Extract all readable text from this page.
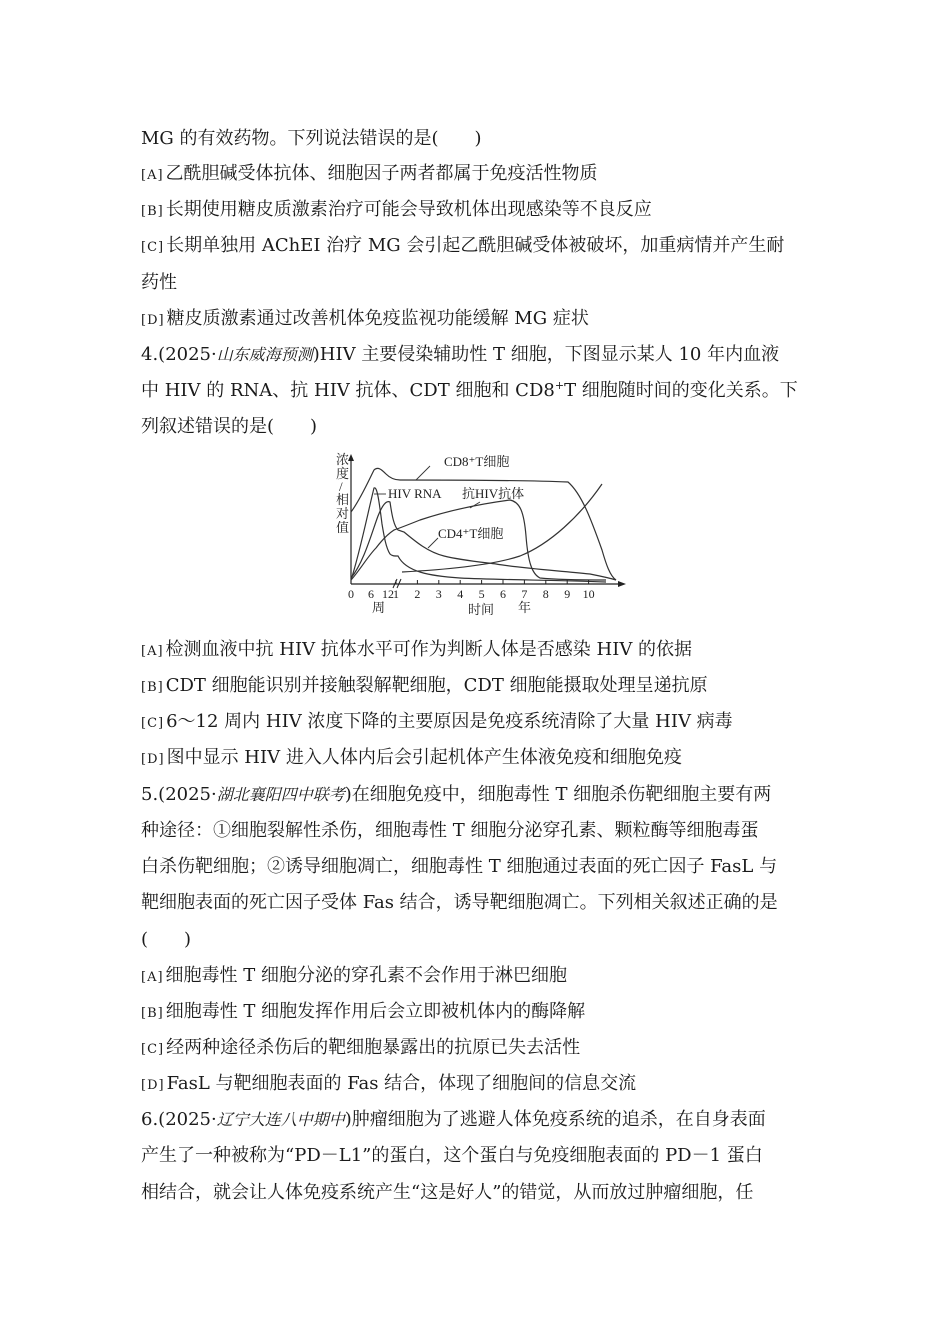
MG 的有效药物。下列说法错误的是(　　)
[A] 乙酰胆碱受体抗体、细胞因子两者都属于免疫活性物质
[B] 长期使用糖皮质激素治疗可能会导致机体出现感染等不良反应
[C] 长期单独用 AChEI 治疗 MG 会引起乙酰胆碱受体被破坏，加重病情并产生耐
药性
[D] 糖皮质激素通过改善机体免疫监视功能缓解 MG 症状
4.(2025·山东威海预测)HIV 主要侵染辅助性 T 细胞，下图显示某人 10 年内血液
中 HIV 的 RNA、抗 HIV 抗体、CDT 细胞和 CD8+T 细胞随时间的变化关系。下
列叙述错误的是(　　)
浓 度 / 相 对 值
CD8⁺T细胞
HIV RNA 抗HIV抗体
CD4⁺T细胞
0 6 12
周
1 2 3 4 5 6 7 8 9 10
时间 年
[A] 检测血液中抗 HIV 抗体水平可作为判断人体是否感染 HIV 的依据
[B] CDT 细胞能识别并接触裂解靶细胞，CDT 细胞能摄取处理呈递抗原
[C] 6～12 周内 HIV 浓度下降的主要原因是免疫系统清除了大量 HIV 病毒
[D] 图中显示 HIV 进入人体内后会引起机体产生体液免疫和细胞免疫
5.(2025·湖北襄阳四中联考)在细胞免疫中，细胞毒性 T 细胞杀伤靶细胞主要有两
种途径：①细胞裂解性杀伤，细胞毒性 T 细胞分泌穿孔素、颗粒酶等细胞毒蛋
白杀伤靶细胞；②诱导细胞凋亡，细胞毒性 T 细胞通过表面的死亡因子 FasL 与
靶细胞表面的死亡因子受体 Fas 结合，诱导靶细胞凋亡。下列相关叙述正确的是
(　　)
[A] 细胞毒性 T 细胞分泌的穿孔素不会作用于淋巴细胞
[B] 细胞毒性 T 细胞发挥作用后会立即被机体内的酶降解
[C] 经两种途径杀伤后的靶细胞暴露出的抗原已失去活性
[D] FasL 与靶细胞表面的 Fas 结合，体现了细胞间的信息交流
6.(2025·辽宁大连八中期中)肿瘤细胞为了逃避人体免疫系统的追杀，在自身表面
产生了一种被称为“PD－L1”的蛋白，这个蛋白与免疫细胞表面的 PD－1 蛋白
相结合，就会让人体免疫系统产生“这是好人”的错觉，从而放过肿瘤细胞，任
